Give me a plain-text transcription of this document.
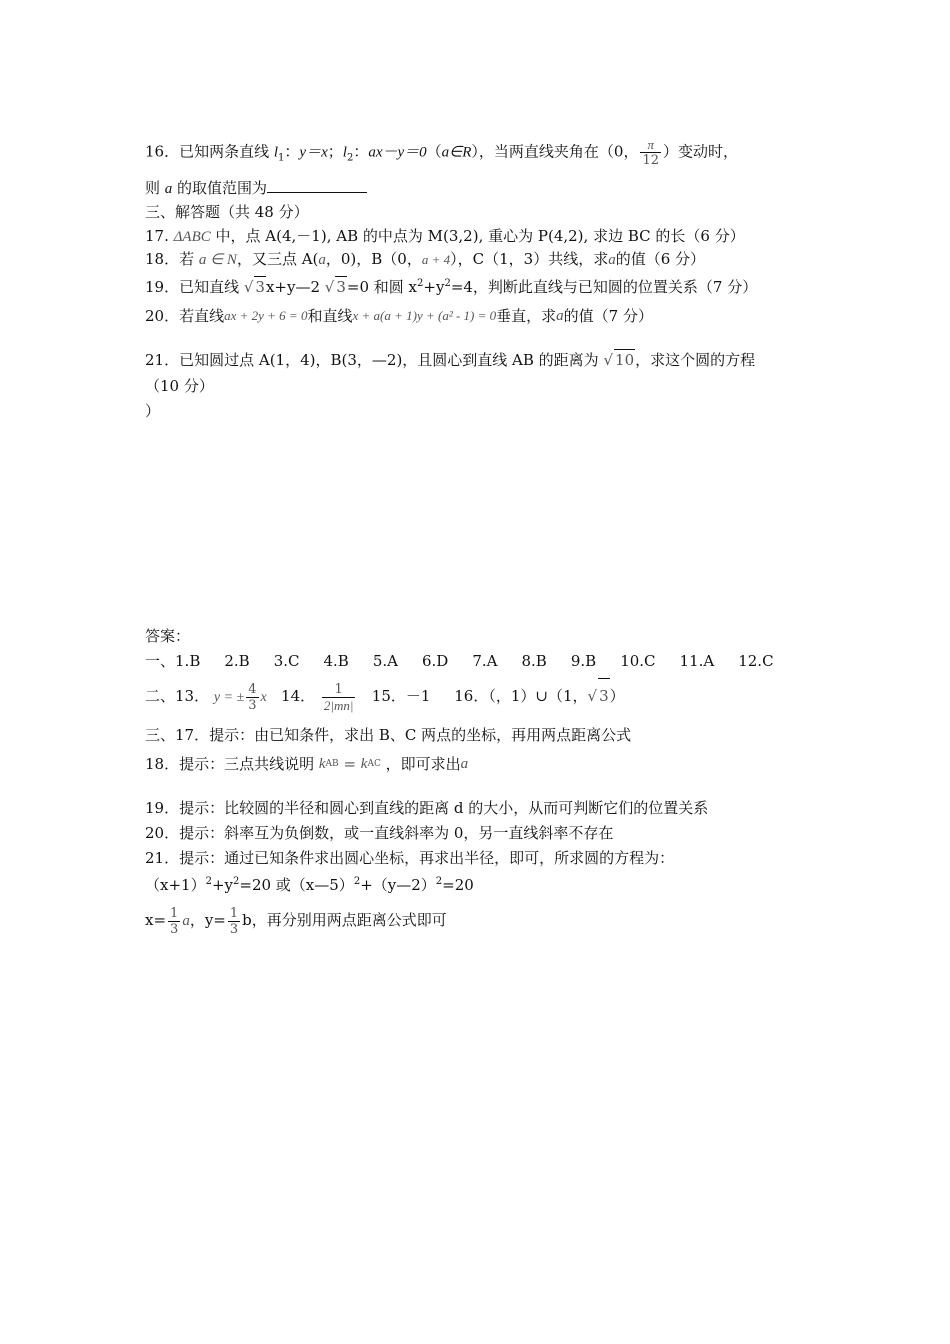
16．已知两条直线 $l_1$：y＝x；$l_2$：ax－y＝0（a∈R），当两直线夹角在（0， $\frac{\pi}{12}$ ）变动时，
则 a 的取值范围为
三、解答题（共 48 分）
17. ΔABC 中，点 A(4,－1), AB 的中点为 M(3,2), 重心为 P(4,2), 求边 BC 的长（6 分）
18．若 a ∈ N，又三点 A(a，0)，B（0，a + 4），C（1，3）共线，求a的值（6 分）
19．已知直线 √ 3x+y—2 √ 3=0 和圆 $x^2+y^2=4$，判断此直线与已知圆的位置关系（7 分）
20．若直线ax + 2y + 6 = 0和直线x + a(a + 1)y + (a² - 1) = 0垂直，求a的值（7 分）
21．已知圆过点 A(1，4)，B(3，—2)，且圆心到直线 AB 的距离为 √ 10，求这个圆的方程
（10 分）
）
答案：
一、1.B 2.B 3.C 4.B 5.A 6.D 7.A 8.B 9.B 10.C 11.A 12.C
二、13． y = ± $\frac{4}{3}$ x 14． $\frac{1}{2|mn|} 15$．－1 16．（，1）∪（1，√ 3）
三、17．提示：由已知条件，求出 B、C 两点的坐标，再用两点距离公式
18．提示：三点共线说明 kAB = kAC ，即可求出a
19．提示：比较圆的半径和圆心到直线的距离 d 的大小，从而可判断它们的位置关系
20．提示：斜率互为负倒数，或一直线斜率为 0，另一直线斜率不存在
21．提示：通过已知条件求出圆心坐标，再求出半径，即可，所求圆的方程为：
$(x+1)^2+y^2=20$ 或（x—5）$^2$+（y—2）$^2$=20
$x= \frac{1}{3}$ a，$y= \frac{1}{3}$ b，再分别用两点距离公式即可
